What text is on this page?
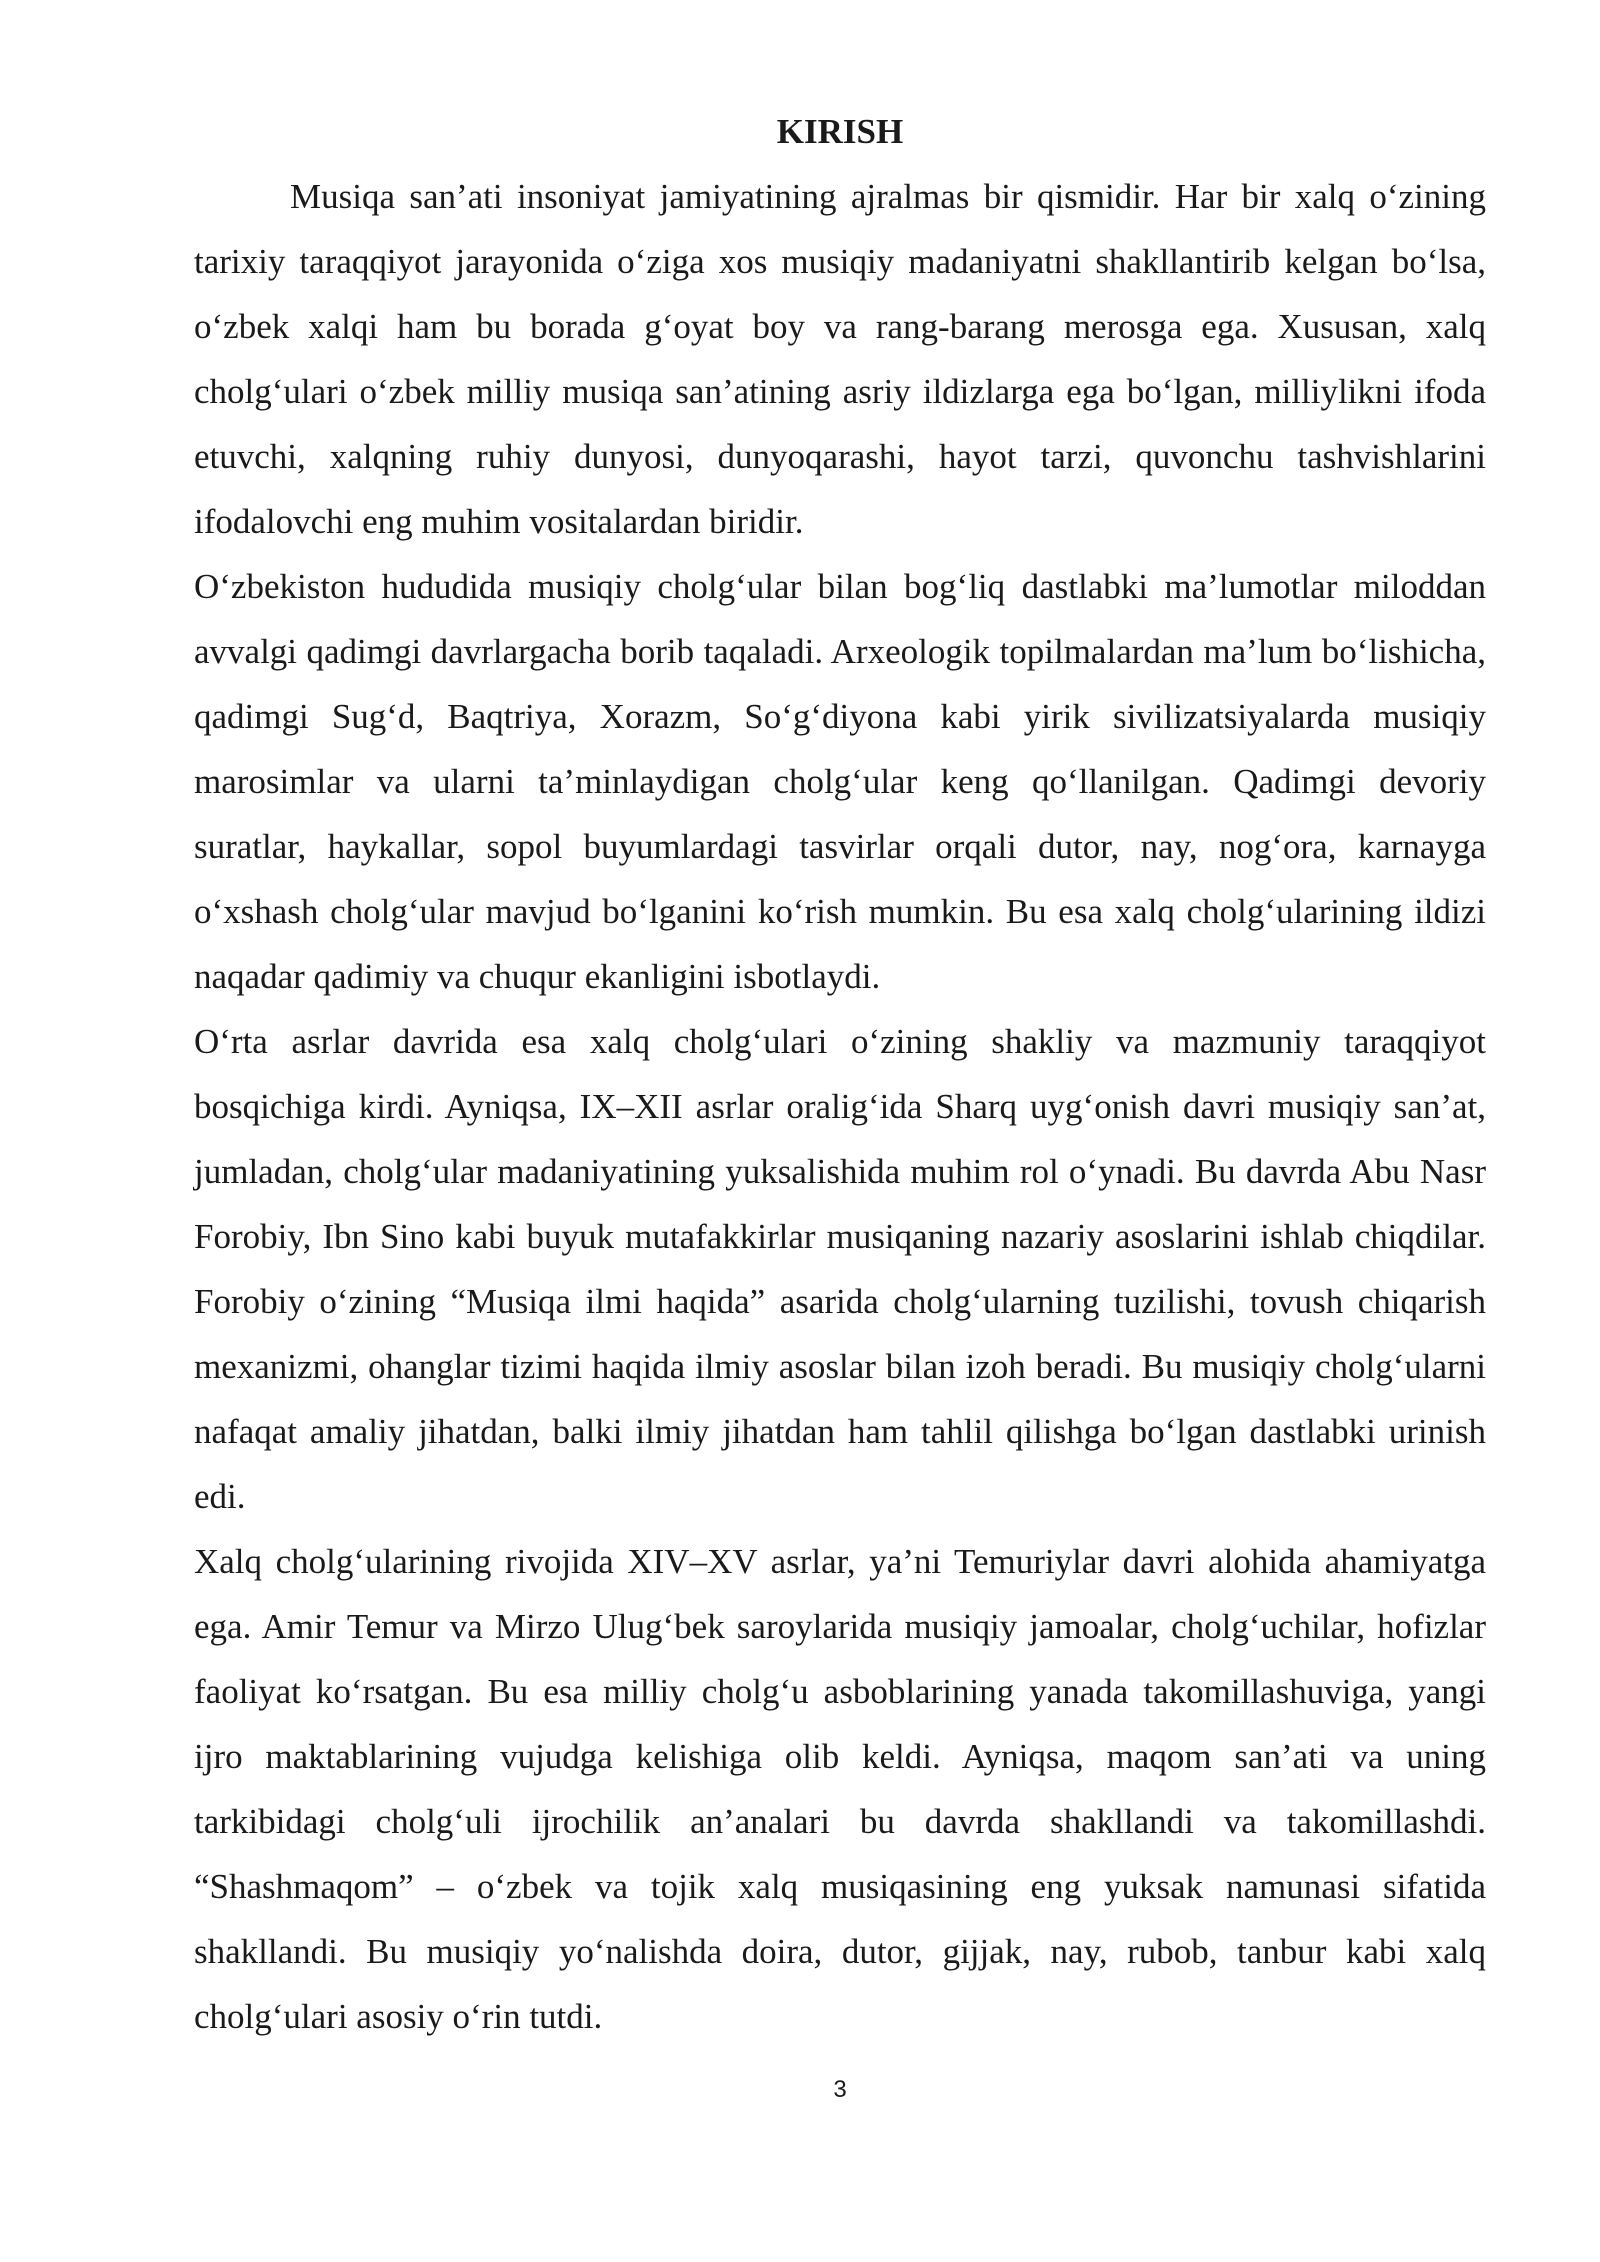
KIRISH

Musiqa san’ati insoniyat jamiyatining ajralmas bir qismidir. Har bir xalq o‘zining tarixiy taraqqiyot jarayonida o‘ziga xos musiqiy madaniyatni shakllantirib kelgan bo‘lsa, o‘zbek xalqi ham bu borada g‘oyat boy va rang-barang merosga ega. Xususan, xalq cholg‘ulari o‘zbek milliy musiqa san’atining asriy ildizlarga ega bo‘lgan, milliylikni ifoda etuvchi, xalqning ruhiy dunyosi, dunyoqarashi, hayot tarzi, quvonchu tashvishlarini ifodalovchi eng muhim vositalardan biridir.

O‘zbekiston hududida musiqiy cholg‘ular bilan bog‘liq dastlabki ma’lumotlar miloddan avvalgi qadimgi davrlargacha borib taqaladi. Arxeologik topilmalardan ma’lum bo‘lishicha, qadimgi Sug‘d, Baqtriya, Xorazm, So‘g‘diyona kabi yirik sivilizatsiyalarda musiqiy marosimlar va ularni ta’minlaydigan cholg‘ular keng qo‘llanilgan. Qadimgi devoriy suratlar, haykallar, sopol buyumlardagi tasvirlar orqali dutor, nay, nog‘ora, karnayga o‘xshash cholg‘ular mavjud bo‘lganini ko‘rish mumkin. Bu esa xalq cholg‘ularining ildizi naqadar qadimiy va chuqur ekanligini isbotlaydi.

O‘rta asrlar davrida esa xalq cholg‘ulari o‘zining shakliy va mazmuniy taraqqiyot bosqichiga kirdi. Ayniqsa, IX–XII asrlar oralig‘ida Sharq uyg‘onish davri musiqiy san’at, jumladan, cholg‘ular madaniyatining yuksalishida muhim rol o‘ynadi. Bu davrda Abu Nasr Forobiy, Ibn Sino kabi buyuk mutafakkirlar musiqaning nazariy asoslarini ishlab chiqdilar. Forobiy o‘zining “Musiqa ilmi haqida” asarida cholg‘ularning tuzilishi, tovush chiqarish mexanizmi, ohanglar tizimi haqida ilmiy asoslar bilan izoh beradi. Bu musiqiy cholg‘ularni nafaqat amaliy jihatdan, balki ilmiy jihatdan ham tahlil qilishga bo‘lgan dastlabki urinish edi.

Xalq cholg‘ularining rivojida XIV–XV asrlar, ya’ni Temuriylar davri alohida ahamiyatga ega. Amir Temur va Mirzo Ulug‘bek saroylarida musiqiy jamoalar, cholg‘uchilar, hofizlar faoliyat ko‘rsatgan. Bu esa milliy cholg‘u asboblarining yanada takomillashuviga, yangi ijro maktablarining vujudga kelishiga olib keldi. Ayniqsa, maqom san’ati va uning tarkibidagi cholg‘uli ijrochilik an’analari bu davrda shakllandi va takomillashdi. “Shashmaqom” – o‘zbek va tojik xalq musiqasining eng yuksak namunasi sifatida shakllandi. Bu musiqiy yo‘nalishda doira, dutor, gijjak, nay, rubob, tanbur kabi xalq cholg‘ulari asosiy o‘rin tutdi.

3
